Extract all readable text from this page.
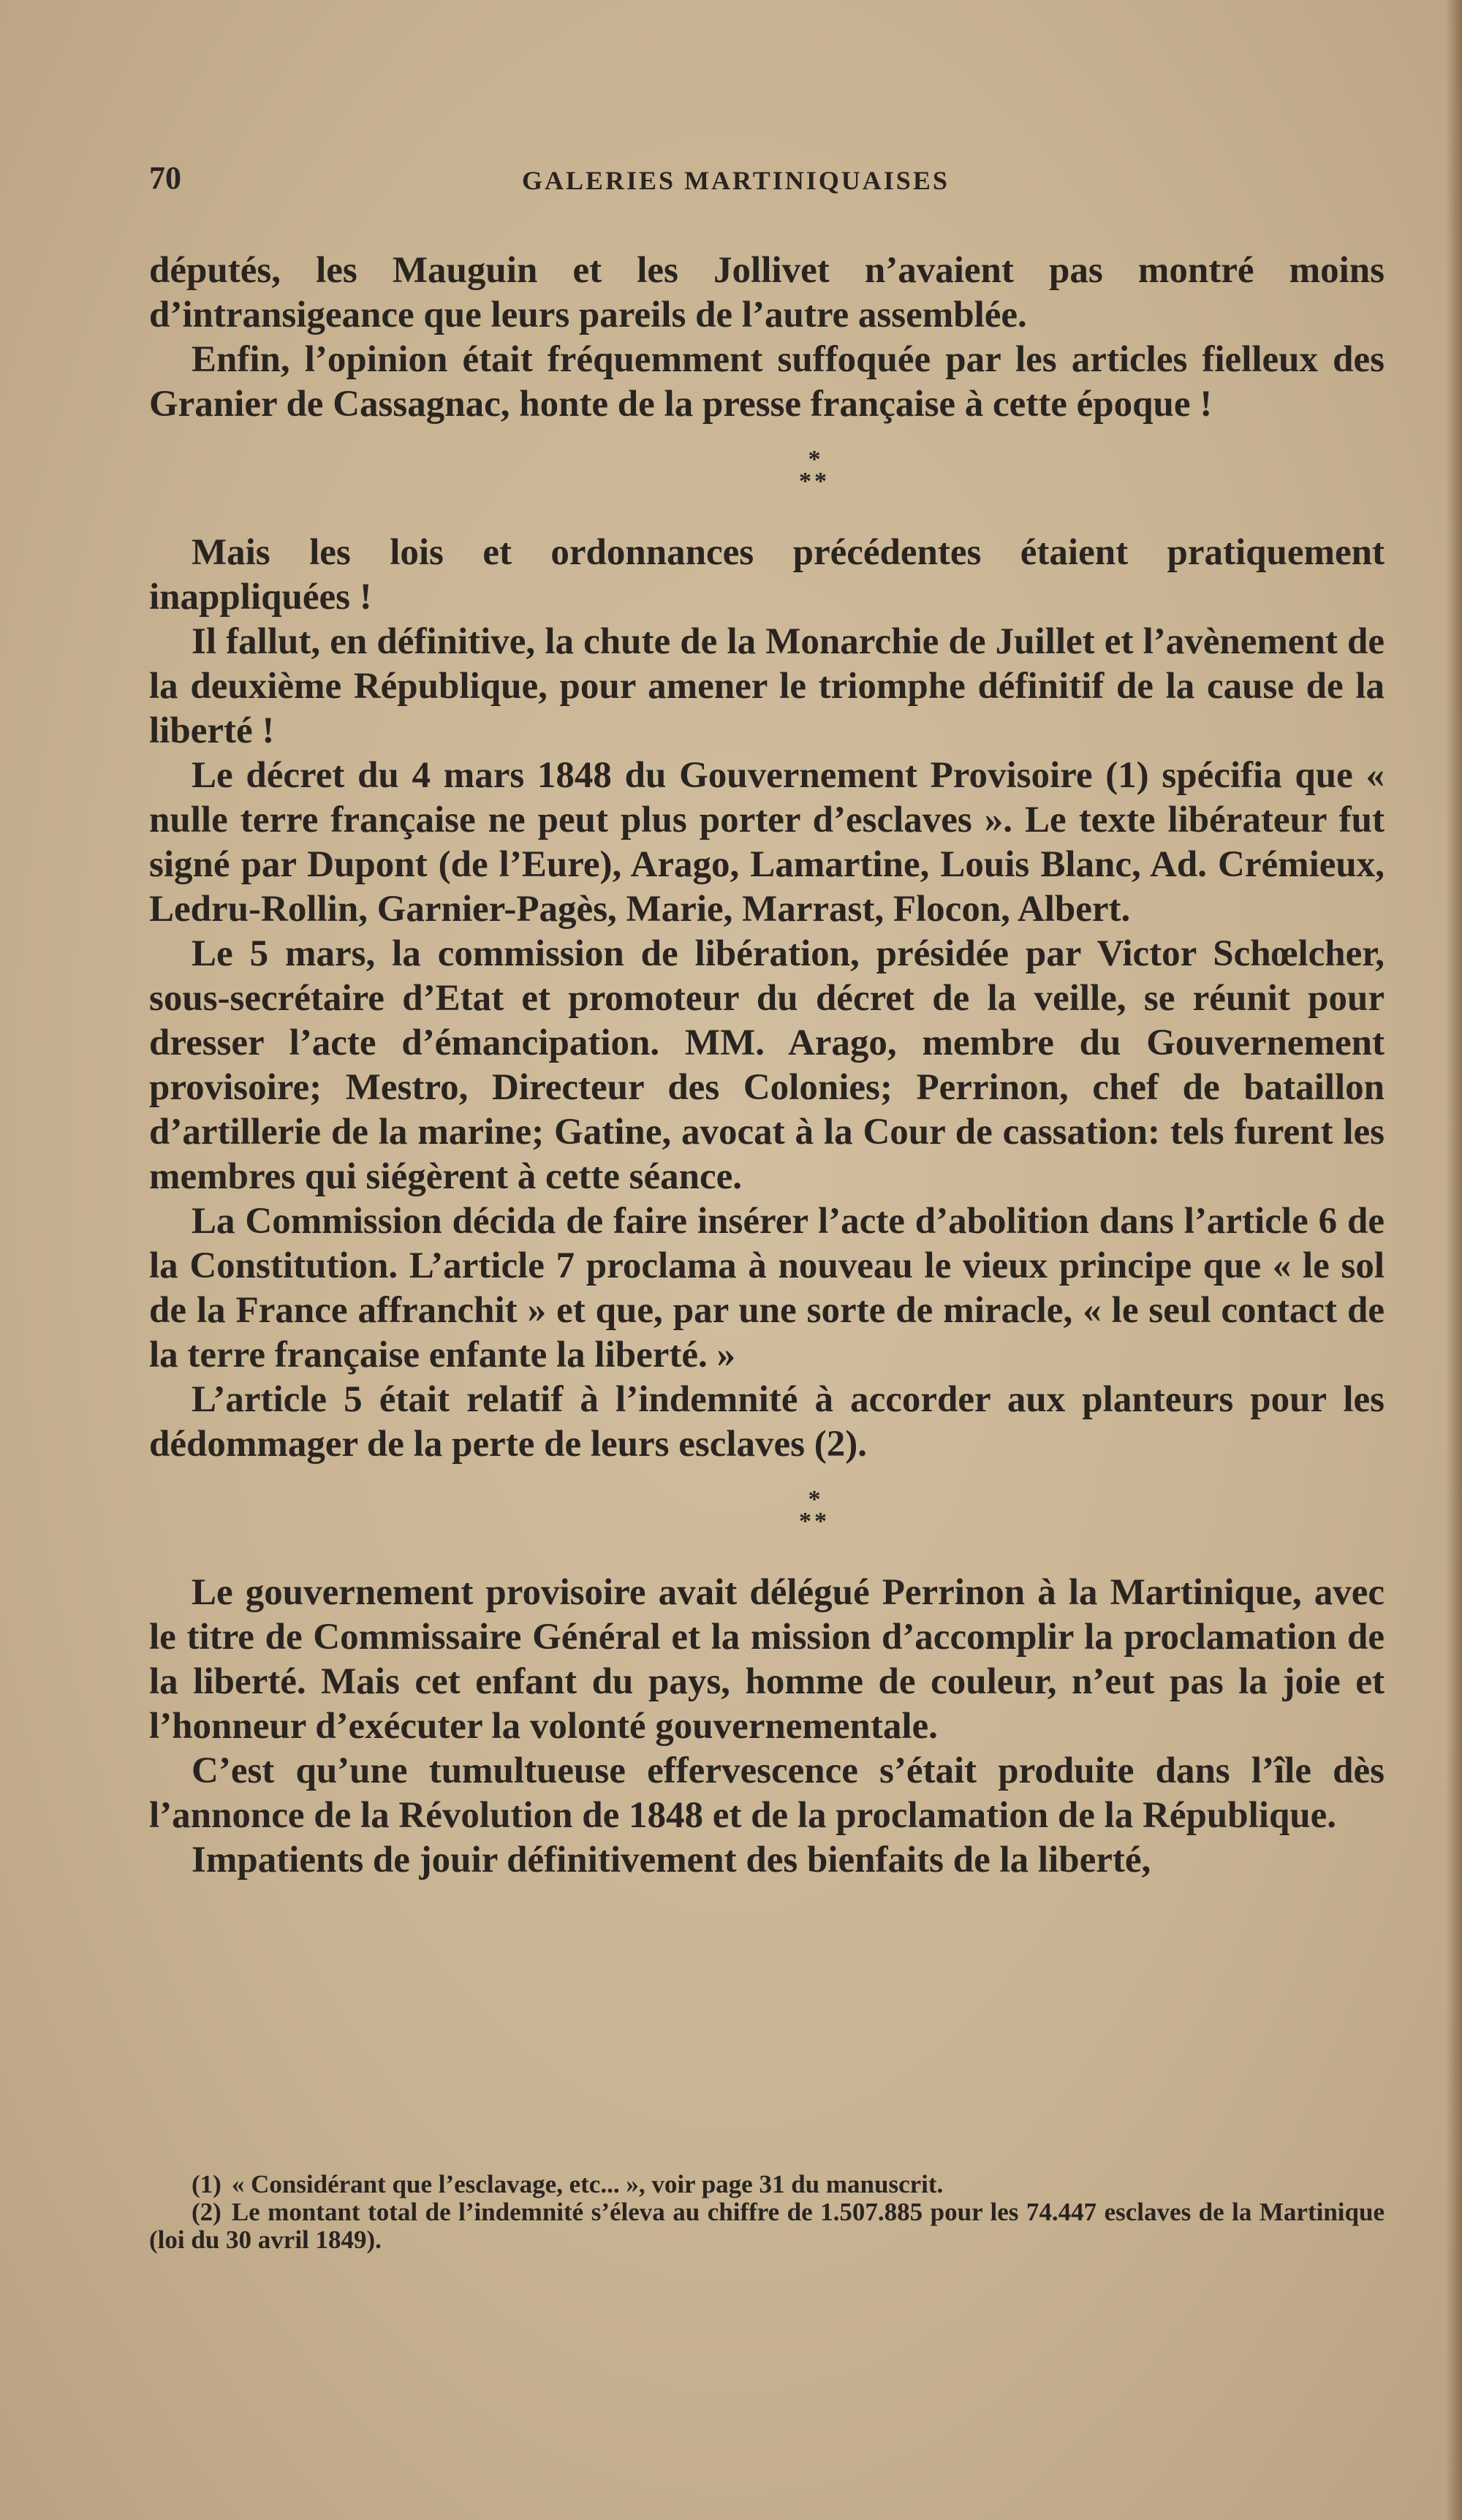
70	GALERIES MARTINIQUAISES

députés, les Mauguin et les Jollivet n’avaient pas montré moins d’intransigeance que leurs pareils de l’autre assemblée.

Enfin, l’opinion était fréquemment suffoquée par les articles fielleux des Granier de Cassagnac, honte de la presse française à cette époque !

*
**

Mais les lois et ordonnances précédentes étaient pratiquement inappliquées !

Il fallut, en définitive, la chute de la Monarchie de Juillet et l’avènement de la deuxième République, pour amener le triomphe définitif de la cause de la liberté !

Le décret du 4 mars 1848 du Gouvernement Provisoire (1) spécifia que « nulle terre française ne peut plus porter d’esclaves ». Le texte libérateur fut signé par Dupont (de l’Eure), Arago, Lamartine, Louis Blanc, Ad. Crémieux, Ledru-Rollin, Garnier-Pagès, Marie, Marrast, Flocon, Albert.

Le 5 mars, la commission de libération, présidée par Victor Schœlcher, sous-secrétaire d’Etat et promoteur du décret de la veille, se réunit pour dresser l’acte d’émancipation. MM. Arago, membre du Gouvernement provisoire; Mestro, Directeur des Colonies; Perrinon, chef de bataillon d’artillerie de la marine; Gatine, avocat à la Cour de cassation: tels furent les membres qui siégèrent à cette séance.

La Commission décida de faire insérer l’acte d’abolition dans l’article 6 de la Constitution. L’article 7 proclama à nouveau le vieux principe que « le sol de la France affranchit » et que, par une sorte de miracle, « le seul contact de la terre française enfante la liberté. »

L’article 5 était relatif à l’indemnité à accorder aux planteurs pour les dédommager de la perte de leurs esclaves (2).

*
**

Le gouvernement provisoire avait délégué Perrinon à la Martinique, avec le titre de Commissaire Général et la mission d’accomplir la proclamation de la liberté. Mais cet enfant du pays, homme de couleur, n’eut pas la joie et l’honneur d’exécuter la volonté gouvernementale.

C’est qu’une tumultueuse effervescence s’était produite dans l’île dès l’annonce de la Révolution de 1848 et de la proclamation de la République.

Impatients de jouir définitivement des bienfaits de la liberté,

(1) « Considérant que l’esclavage, etc... », voir page 31 du manuscrit.

(2) Le montant total de l’indemnité s’éleva au chiffre de 1.507.885 pour les 74.447 esclaves de la Martinique (loi du 30 avril 1849).
